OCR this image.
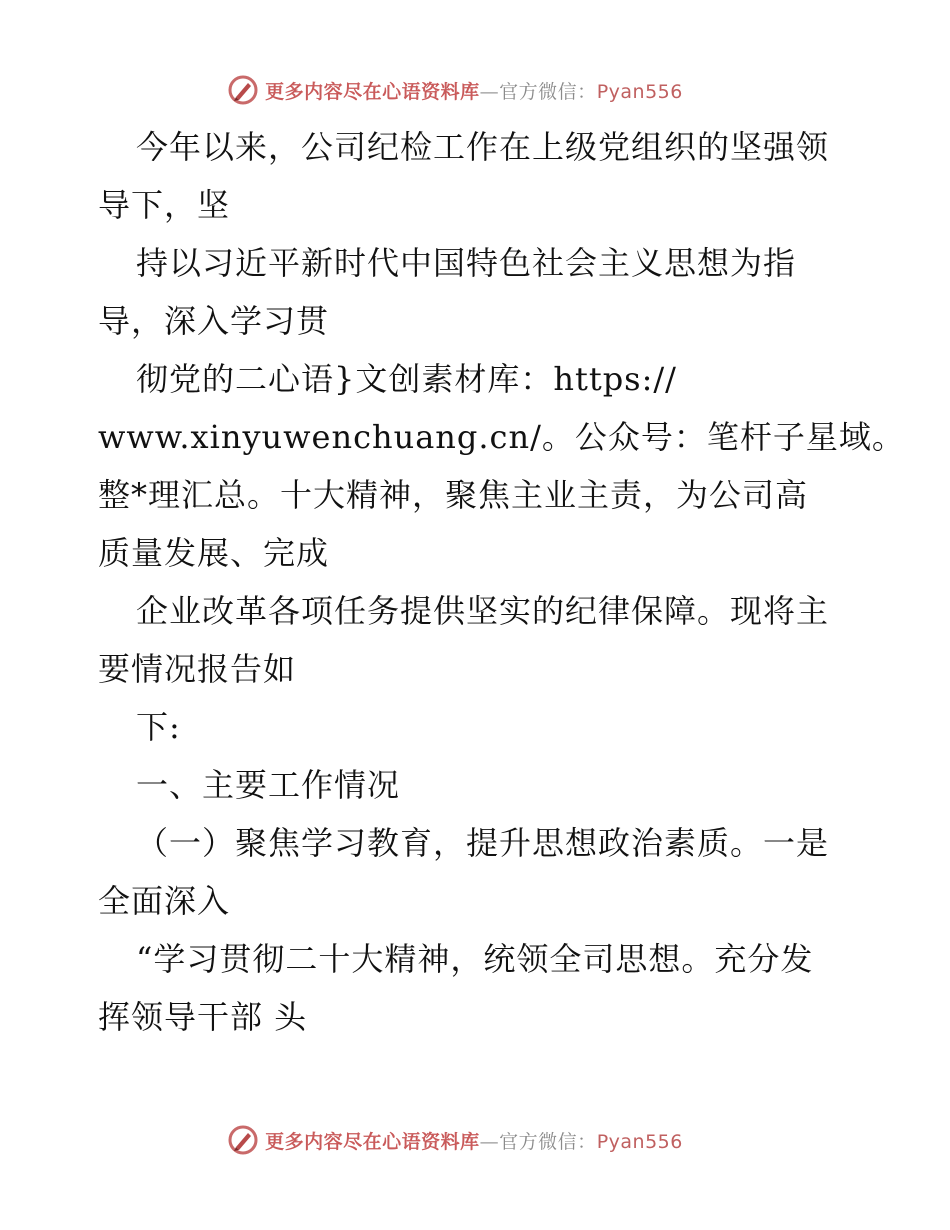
更多内容尽在心语资料库—官方微信：Pyan556
今年以来，公司纪检工作在上级党组织的坚强领
导下，坚
持以习近平新时代中国特色社会主义思想为指
导，深入学习贯
彻党的二心语}文创素材库：https://
www.xinyuwenchuang.cn/。公众号：笔杆子星域。
整*理汇总。十大精神，聚焦主业主责，为公司高
质量发展、完成
企业改革各项任务提供坚实的纪律保障。现将主
要情况报告如
下:
一、主要工作情况
（一）聚焦学习教育，提升思想政治素质。一是
全面深入
“学习贯彻二十大精神，统领全司思想。充分发
挥领导干部 头
更多内容尽在心语资料库—官方微信：Pyan556
